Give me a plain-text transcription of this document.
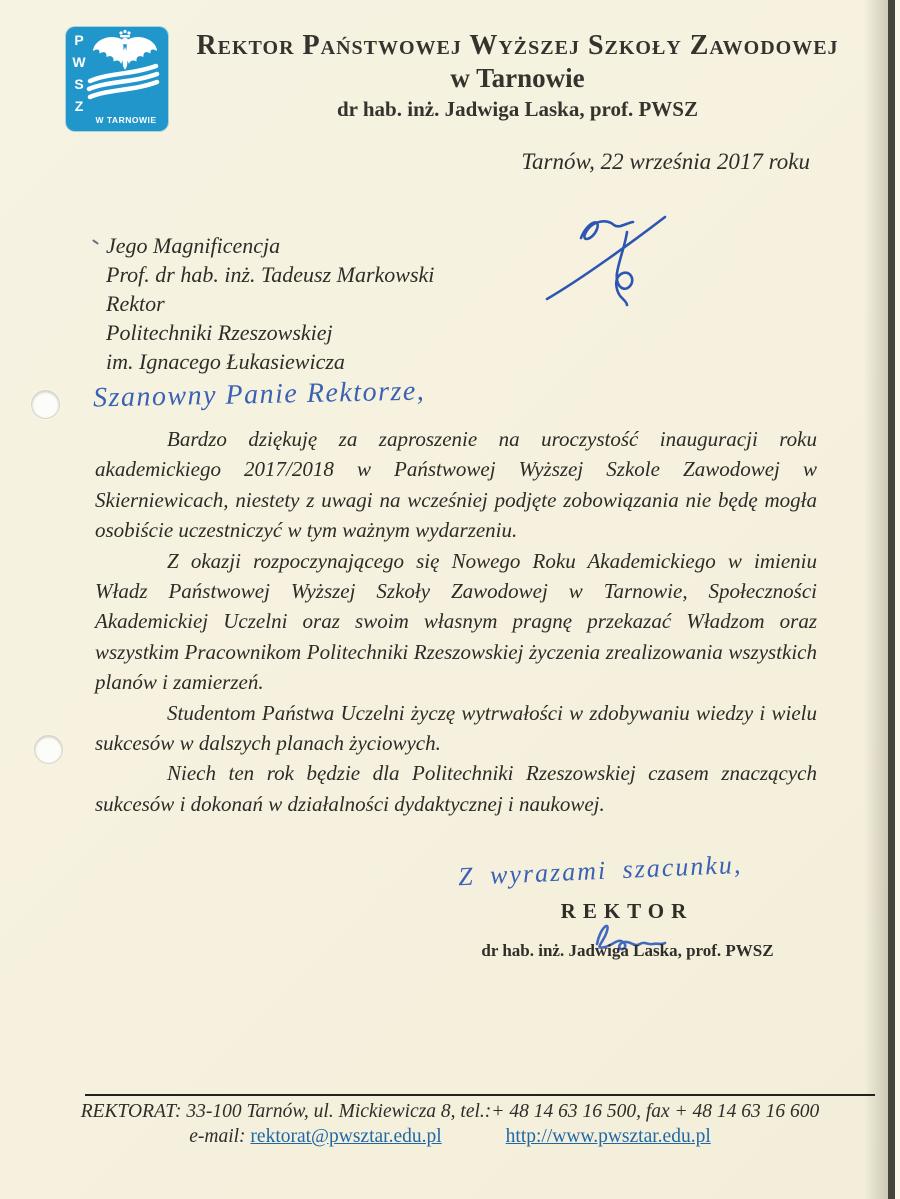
P
W
S
Z
W TARNOWIE
Rektor Państwowej Wyższej Szkoły Zawodowej
w Tarnowie
dr hab. inż. Jadwiga Laska, prof. PWSZ
Tarnów, 22 września 2017 roku
Jego Magnificencja
Prof. dr hab. inż. Tadeusz Markowski
Rektor
Politechniki Rzeszowskiej
im. Ignacego Łukasiewicza
Szanowny Panie Rektorze,

Bardzo dziękuję za zaproszenie na uroczystość inauguracji roku akademickiego 2017/2018 w Państwowej Wyższej Szkole Zawodowej w Skierniewicach, niestety z uwagi na wcześniej podjęte zobowiązania nie będę mogła osobiście uczestniczyć w tym ważnym wydarzeniu.

Z okazji rozpoczynającego się Nowego Roku Akademickiego w imieniu Władz Państwowej Wyższej Szkoły Zawodowej w Tarnowie, Społeczności Akademickiej Uczelni oraz swoim własnym pragnę przekazać Władzom oraz wszystkim Pracownikom Politechniki Rzeszowskiej życzenia zrealizowania wszystkich planów i zamierzeń.

Studentom Państwa Uczelni życzę wytrwałości w zdobywaniu wiedzy i wielu sukcesów w dalszych planach życiowych.

Niech ten rok będzie dla Politechniki Rzeszowskiej czasem znaczących sukcesów i dokonań w działalności dydaktycznej i naukowej.

Z wyrazami szacunku,
REKTOR
dr hab. inż. Jadwiga Laska, prof. PWSZ
REKTORAT: 33-100 Tarnów, ul. Mickiewicza 8, tel.:+ 48 14 63 16 500, fax + 48 14 63 16 600
e-mail: rektorat@pwsztar.edu.pl	http://www.pwsztar.edu.pl
